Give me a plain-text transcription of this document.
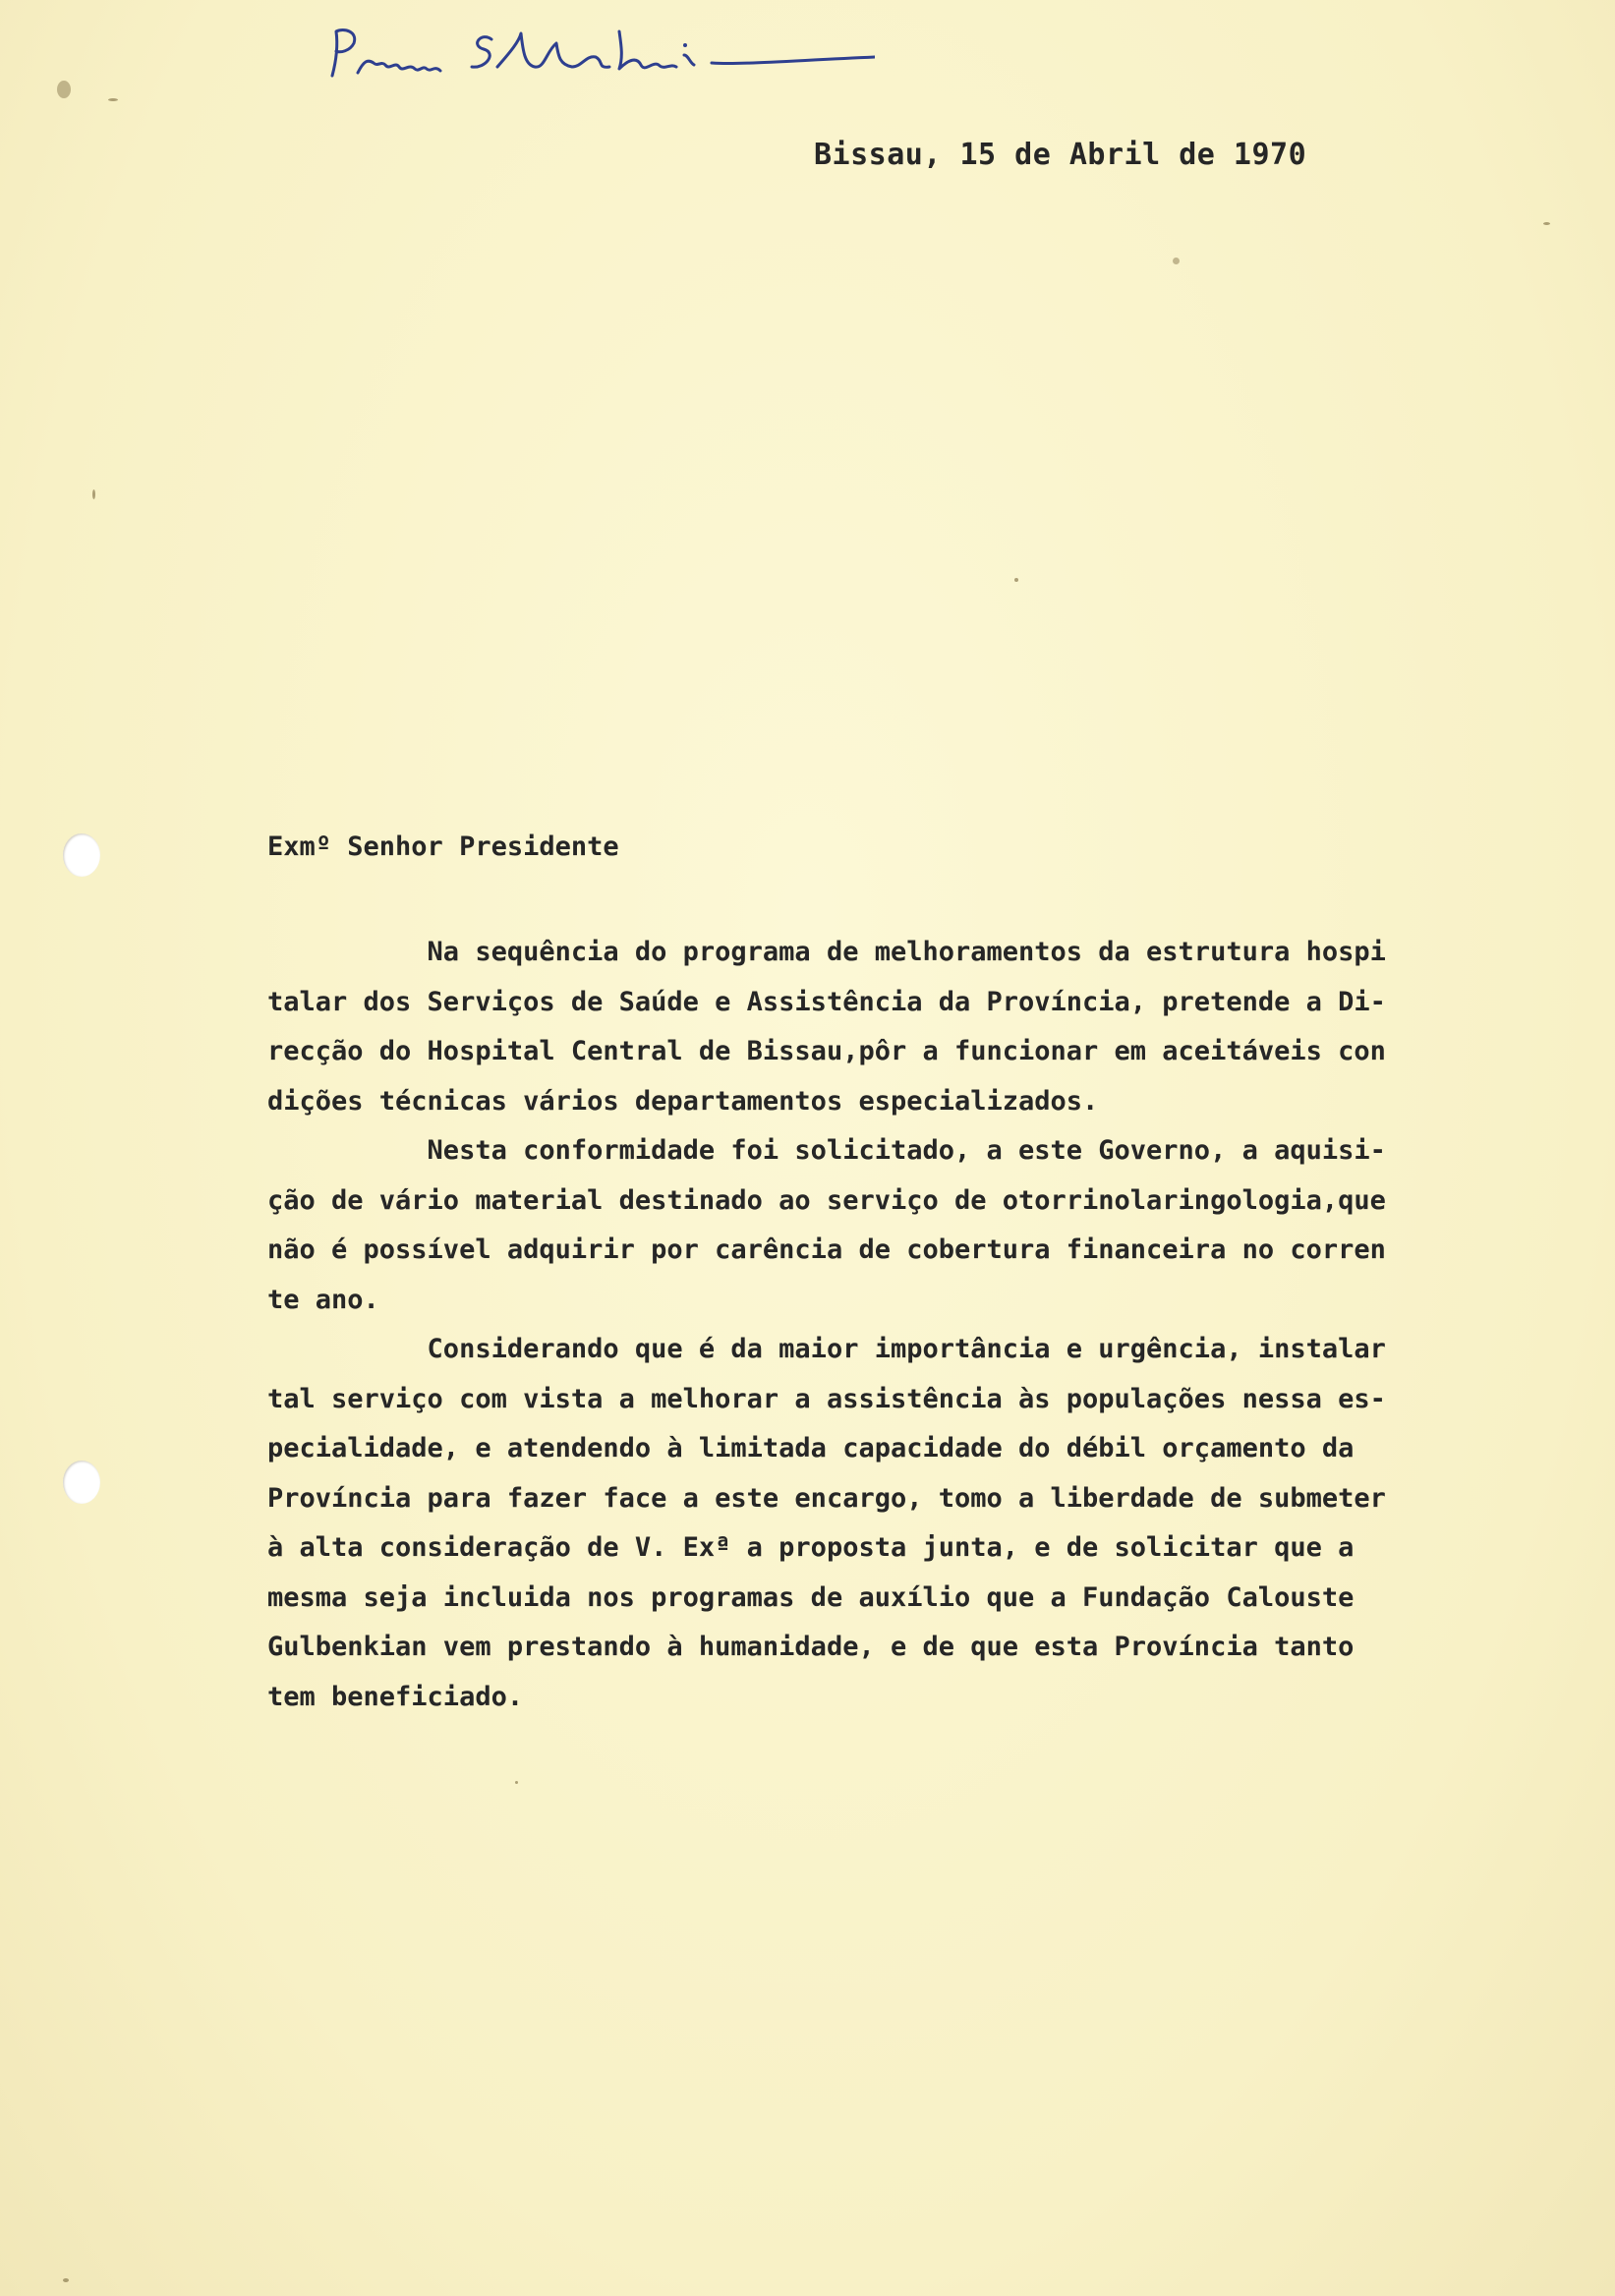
Bissau, 15 de Abril de 1970
Exmº Senhor Presidente
Na sequência do programa de melhoramentos da estrutura hospi
talar dos Serviços de Saúde e Assistência da Província, pretende a Di-
recção do Hospital Central de Bissau,pôr a funcionar em aceitáveis con
dições técnicas vários departamentos especializados.
Nesta conformidade foi solicitado, a este Governo, a aquisi-
ção de vário material destinado ao serviço de otorrinolaringologia,que
não é possível adquirir por carência de cobertura financeira no corren
te ano.
Considerando que é da maior importância e urgência, instalar
tal serviço com vista a melhorar a assistência às populações nessa es-
pecialidade, e atendendo à limitada capacidade do débil orçamento da
Província para fazer face a este encargo, tomo a liberdade de submeter
à alta consideração de V. Exª a proposta junta, e de solicitar que a
mesma seja incluida nos programas de auxílio que a Fundação Calouste
Gulbenkian vem prestando à humanidade, e de que esta Província tanto
tem beneficiado.
